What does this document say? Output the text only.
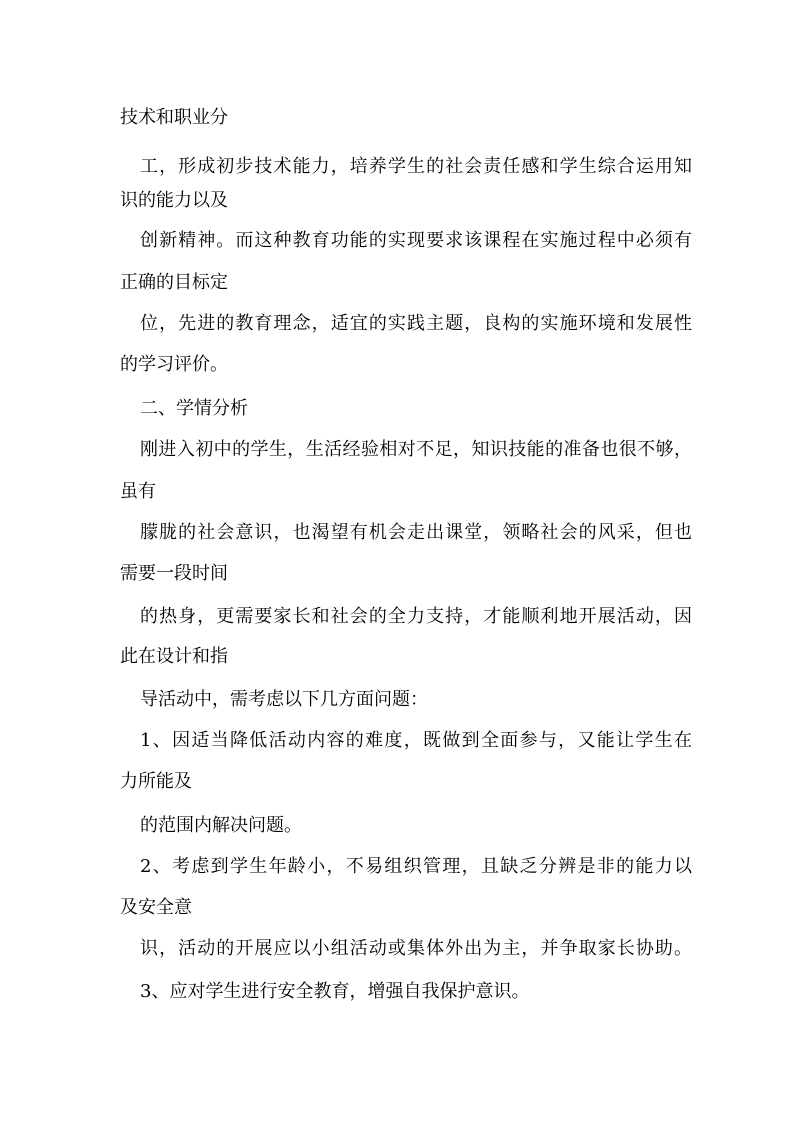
技术和职业分
工，形成初步技术能力，培养学生的社会责任感和学生综合运用知
识的能力以及
创新精神。而这种教育功能的实现要求该课程在实施过程中必须有
正确的目标定
位，先进的教育理念，适宜的实践主题，良构的实施环境和发展性
的学习评价。
二、学情分析
刚进入初中的学生，生活经验相对不足，知识技能的准备也很不够，
虽有
朦胧的社会意识，也渴望有机会走出课堂，领略社会的风采，但也
需要一段时间
的热身，更需要家长和社会的全力支持，才能顺利地开展活动，因
此在设计和指
导活动中，需考虑以下几方面问题：
1、因适当降低活动内容的难度，既做到全面参与，又能让学生在
力所能及
的范围内解决问题。
2、考虑到学生年龄小，不易组织管理，且缺乏分辨是非的能力以
及安全意
识，活动的开展应以小组活动或集体外出为主，并争取家长协助。
3、应对学生进行安全教育，增强自我保护意识。
